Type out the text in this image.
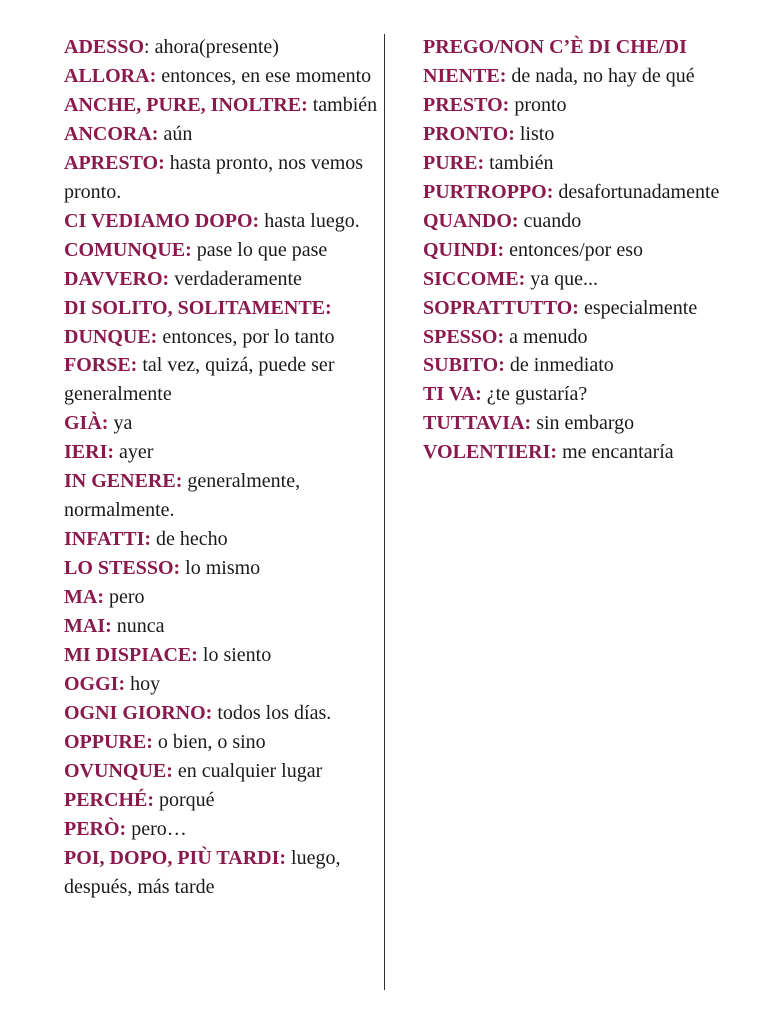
ADESSO: ahora(presente)

ALLORA: entonces, en ese momento

ANCHE, PURE, INOLTRE: también

ANCORA: aún

APRESTO: hasta pronto, nos vemos pronto.

CI VEDIAMO DOPO: hasta luego.

COMUNQUE: pase lo que pase

DAVVERO: verdaderamente

DI SOLITO, SOLITAMENTE:

DUNQUE: entonces, por lo tanto

FORSE: tal vez, quizá, puede ser generalmente

GIÀ: ya

IERI: ayer

IN GENERE: generalmente, normalmente.

INFATTI: de hecho

LO STESSO: lo mismo

MA: pero

MAI: nunca

MI DISPIACE: lo siento

OGGI: hoy

OGNI GIORNO: todos los días.

OPPURE: o bien, o sino

OVUNQUE: en cualquier lugar

PERCHÉ: porqué

PERÒ: pero…

POI, DOPO, PIÙ TARDI: luego, después, más tarde

PREGO/NON C’È DI CHE/DI NIENTE: de nada, no hay de qué

PRESTO: pronto

PRONTO: listo

PURE: también

PURTROPPO: desafortunadamente

QUANDO: cuando

QUINDI: entonces/por eso

SICCOME: ya que...

SOPRATTUTTO: especialmente

SPESSO: a menudo

SUBITO: de inmediato

TI VA: ¿te gustaría?

TUTTAVIA: sin embargo

VOLENTIERI: me encantaría
